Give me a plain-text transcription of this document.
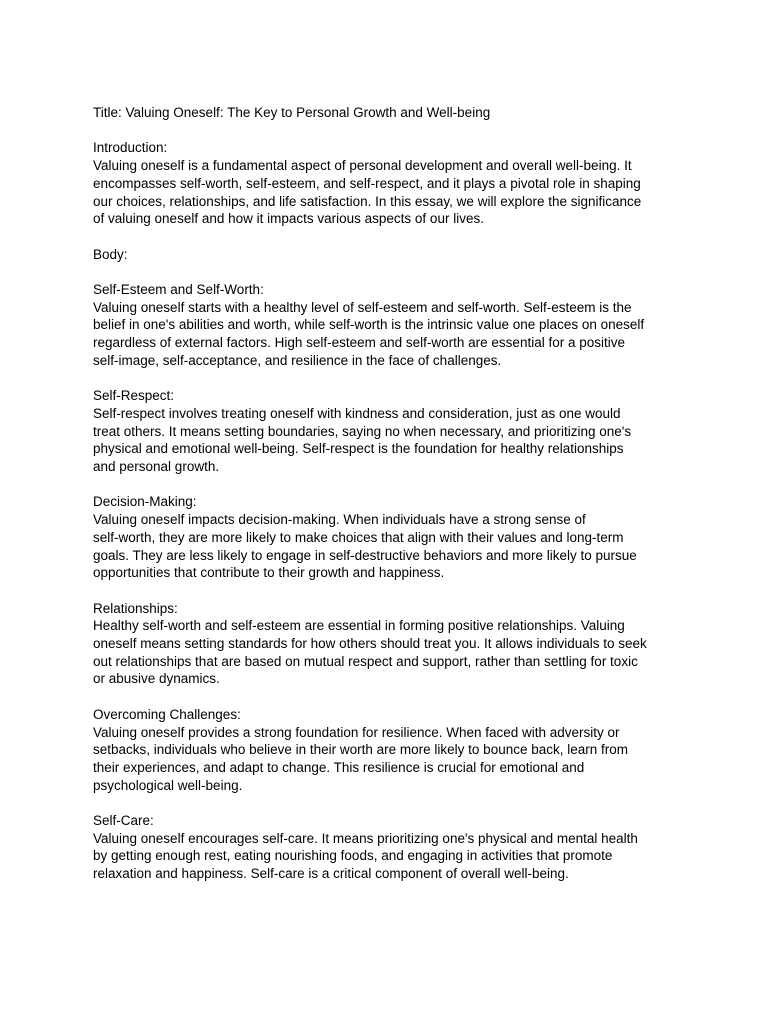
Title: Valuing Oneself: The Key to Personal Growth and Well-being
Introduction:
Valuing oneself is a fundamental aspect of personal development and overall well-being. It
encompasses self-worth, self-esteem, and self-respect, and it plays a pivotal role in shaping
our choices, relationships, and life satisfaction. In this essay, we will explore the significance
of valuing oneself and how it impacts various aspects of our lives.
Body:
Self-Esteem and Self-Worth:
Valuing oneself starts with a healthy level of self-esteem and self-worth. Self-esteem is the
belief in one's abilities and worth, while self-worth is the intrinsic value one places on oneself
regardless of external factors. High self-esteem and self-worth are essential for a positive
self-image, self-acceptance, and resilience in the face of challenges.
Self-Respect:
Self-respect involves treating oneself with kindness and consideration, just as one would
treat others. It means setting boundaries, saying no when necessary, and prioritizing one's
physical and emotional well-being. Self-respect is the foundation for healthy relationships
and personal growth.
Decision-Making:
Valuing oneself impacts decision-making. When individuals have a strong sense of
self-worth, they are more likely to make choices that align with their values and long-term
goals. They are less likely to engage in self-destructive behaviors and more likely to pursue
opportunities that contribute to their growth and happiness.
Relationships:
Healthy self-worth and self-esteem are essential in forming positive relationships. Valuing
oneself means setting standards for how others should treat you. It allows individuals to seek
out relationships that are based on mutual respect and support, rather than settling for toxic
or abusive dynamics.
Overcoming Challenges:
Valuing oneself provides a strong foundation for resilience. When faced with adversity or
setbacks, individuals who believe in their worth are more likely to bounce back, learn from
their experiences, and adapt to change. This resilience is crucial for emotional and
psychological well-being.
Self-Care:
Valuing oneself encourages self-care. It means prioritizing one's physical and mental health
by getting enough rest, eating nourishing foods, and engaging in activities that promote
relaxation and happiness. Self-care is a critical component of overall well-being.
